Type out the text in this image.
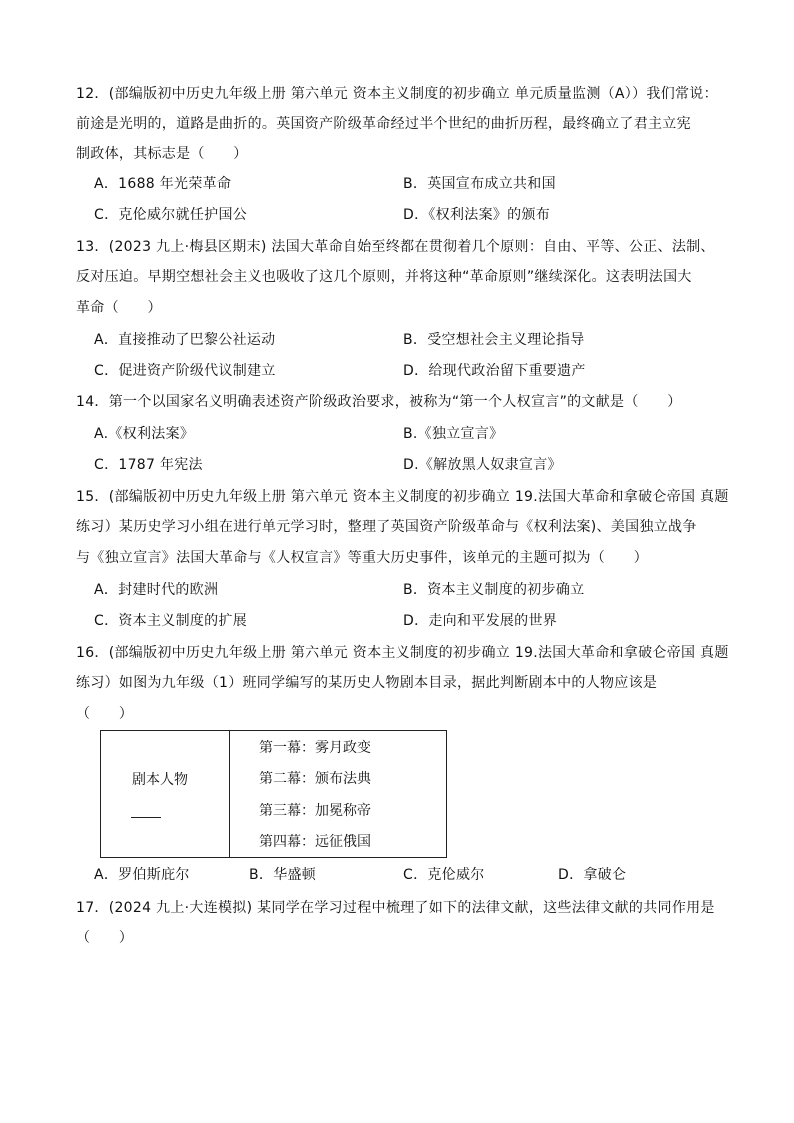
12．(部编版初中历史九年级上册 第六单元 资本主义制度的初步确立 单元质量监测（A））我们常说：
前途是光明的，道路是曲折的。英国资产阶级革命经过半个世纪的曲折历程，最终确立了君主立宪
制政体，其标志是（　　）
A．1688 年光荣革命	B．英国宣布成立共和国
C．克伦威尔就任护国公	D．《权利法案》的颁布
13．(2023 九上·梅县区期末) 法国大革命自始至终都在贯彻着几个原则：自由、平等、公正、法制、
反对压迫。早期空想社会主义也吸收了这几个原则，并将这种“革命原则”继续深化。这表明法国大
革命（　　）
A．直接推动了巴黎公社运动	B．受空想社会主义理论指导
C．促进资产阶级代议制建立	D．给现代政治留下重要遗产
14．第一个以国家名义明确表述资产阶级政治要求，被称为“第一个人权宣言”的文献是（　　）
A.《权利法案》	B.《独立宣言》
C．1787 年宪法	D.《解放黑人奴隶宣言》
15．(部编版初中历史九年级上册 第六单元 资本主义制度的初步确立 19.法国大革命和拿破仑帝国 真题
练习）某历史学习小组在进行单元学习时，整理了英国资产阶级革命与《权利法案)、美国独立战争
与《独立宣言》法国大革命与《人权宣言》等重大历史事件，该单元的主题可拟为（　　）
A．封建时代的欧洲	B．资本主义制度的初步确立
C．资本主义制度的扩展	D．走向和平发展的世界
16．(部编版初中历史九年级上册 第六单元 资本主义制度的初步确立 19.法国大革命和拿破仑帝国 真题
练习）如图为九年级（1）班同学编写的某历史人物剧本目录，据此判断剧本中的人物应该是
（　　）
剧本人物
第一幕：雾月政变
第二幕：颁布法典
第三幕：加冕称帝
第四幕：远征俄国
A．罗伯斯庇尔	B．华盛顿	C．克伦威尔	D．拿破仑
17．(2024 九上·大连模拟) 某同学在学习过程中梳理了如下的法律文献，这些法律文献的共同作用是
（　　）
